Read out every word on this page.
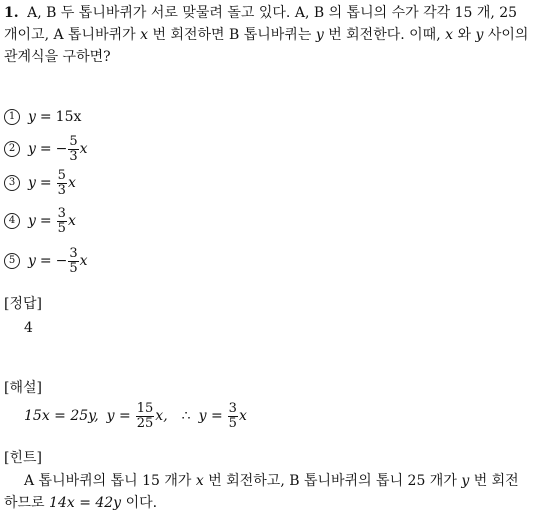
1. A, B 두 톱니바퀴가 서로 맞물려 돌고 있다. A, B 의 톱니의 수가 각각 15 개, 25 개이고, A 톱니바퀴가 x 번 회전하면 B 톱니바퀴는 y 번 회전한다. 이때, x 와 y 사이의 관계식을 구하면?
1 y = 15x
2 y = − $\frac{5}{3}$ x
3 $y = \frac{5}{3}$ x
4 $y = \frac{3}{5}$ x
5 y = − $\frac{3}{5}$ x
[정답]
4
[해설]
15x = 25y, $y = \frac{15}{25} x$, ∴ $y = \frac{3}{5}$ x
[힌트]
A 톱니바퀴의 톱니 15 개가 x 번 회전하고, B 톱니바퀴의 톱니 25 개가 y 번 회전하므로 14x = 42y 이다.
